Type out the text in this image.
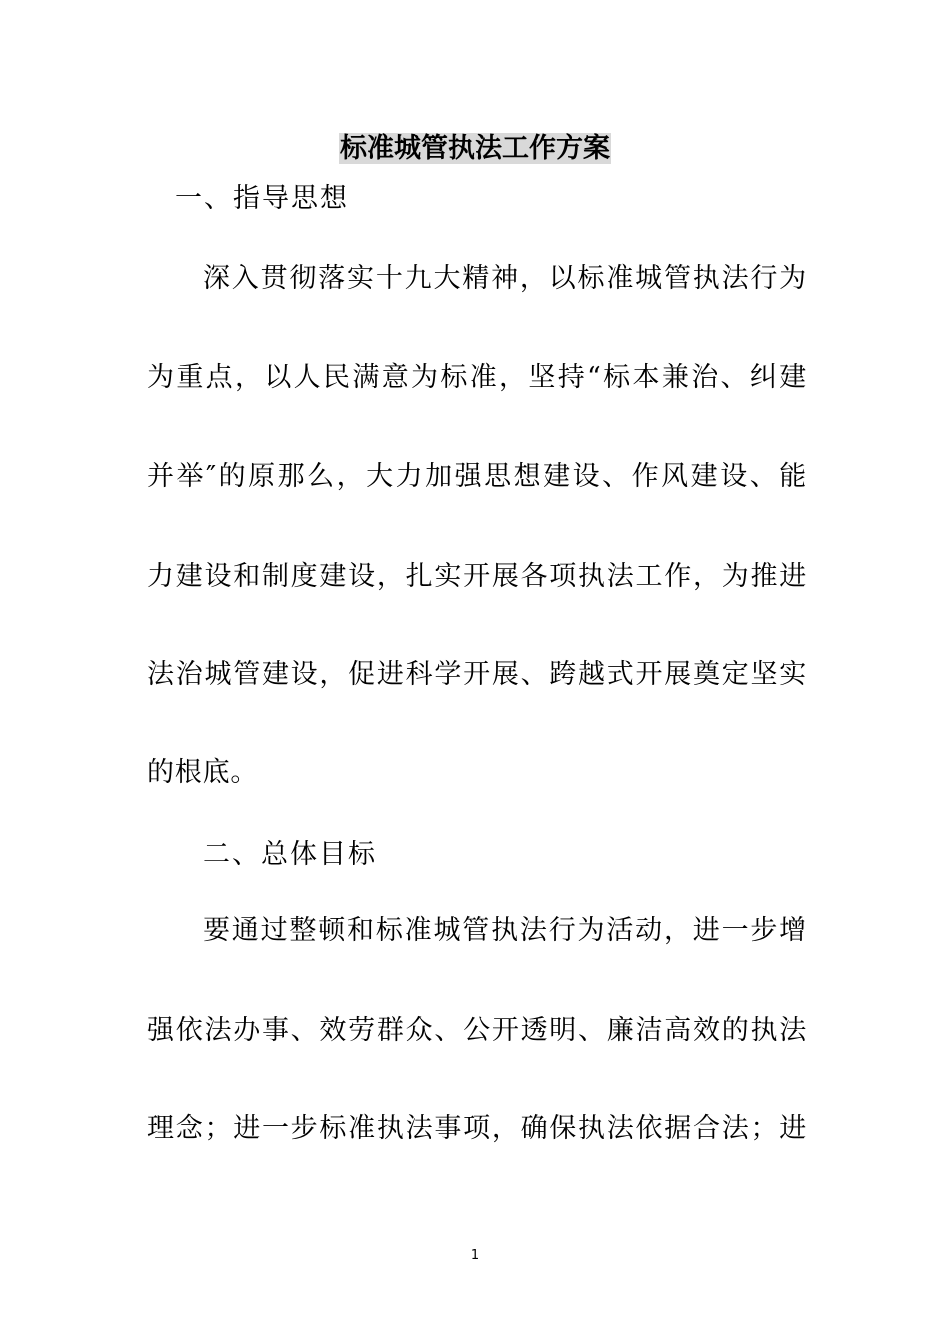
标准城管执法工作方案
一、指导思想
深入贯彻落实十九大精神，以标准城管执法行为
为重点，以人民满意为标准，坚持“标本兼治、纠建
并举″的原那么，大力加强思想建设、作风建设、能
力建设和制度建设，扎实开展各项执法工作，为推进
法治城管建设，促进科学开展、跨越式开展奠定坚实
的根底。
二、总体目标
要通过整顿和标准城管执法行为活动，进一步增
强依法办事、效劳群众、公开透明、廉洁高效的执法
理念；进一步标准执法事项，确保执法依据合法；进
1
